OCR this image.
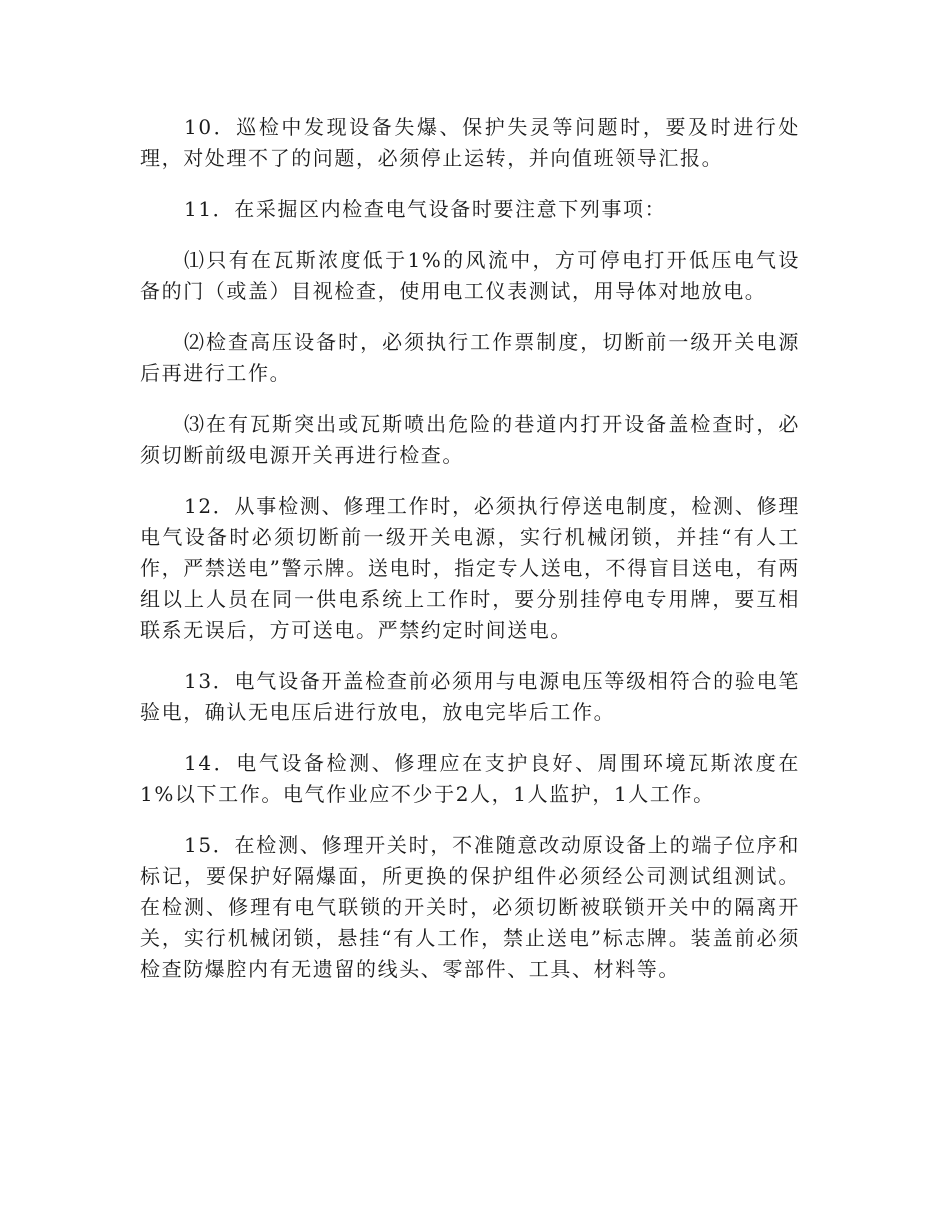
10．巡检中发现设备失爆、保护失灵等问题时，要及时进行处理，对处理不了的问题，必须停止运转，并向值班领导汇报。

11．在采掘区内检查电气设备时要注意下列事项：

⑴只有在瓦斯浓度低于1%的风流中，方可停电打开低压电气设备的门（或盖）目视检查，使用电工仪表测试，用导体对地放电。

⑵检查高压设备时，必须执行工作票制度，切断前一级开关电源后再进行工作。

⑶在有瓦斯突出或瓦斯喷出危险的巷道内打开设备盖检查时，必须切断前级电源开关再进行检查。

12．从事检测、修理工作时，必须执行停送电制度，检测、修理电气设备时必须切断前一级开关电源，实行机械闭锁，并挂“有人工作，严禁送电”警示牌。送电时，指定专人送电，不得盲目送电，有两组以上人员在同一供电系统上工作时，要分别挂停电专用牌，要互相联系无误后，方可送电。严禁约定时间送电。

13．电气设备开盖检查前必须用与电源电压等级相符合的验电笔验电，确认无电压后进行放电，放电完毕后工作。

14．电气设备检测、修理应在支护良好、周围环境瓦斯浓度在1%以下工作。电气作业应不少于2人，1人监护，1人工作。

15．在检测、修理开关时，不准随意改动原设备上的端子位序和标记，要保护好隔爆面，所更换的保护组件必须经公司测试组测试。在检测、修理有电气联锁的开关时，必须切断被联锁开关中的隔离开关，实行机械闭锁，悬挂“有人工作，禁止送电”标志牌。装盖前必须检查防爆腔内有无遗留的线头、零部件、工具、材料等。
